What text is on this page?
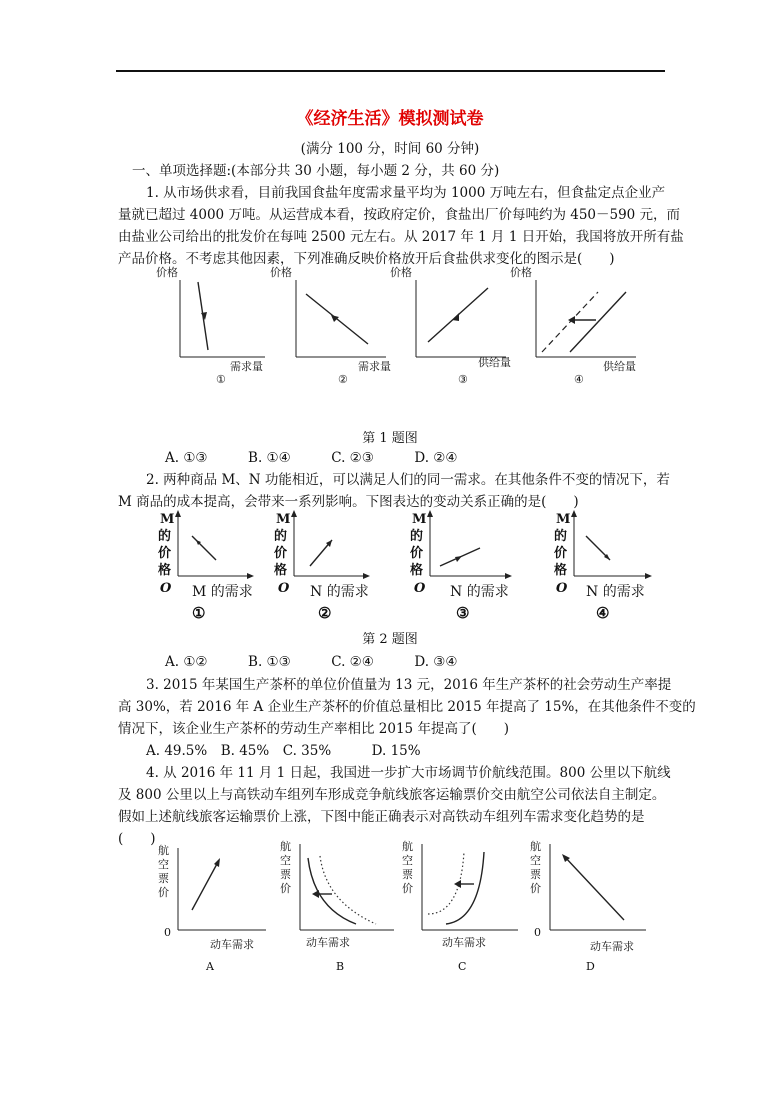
《经济生活》模拟测试卷
(满分 100 分，时间 60 分钟)
一、单项选择题:(本部分共 30 小题，每小题 2 分，共 60 分)
1. 从市场供求看，目前我国食盐年度需求量平均为 1000 万吨左右，但食盐定点企业产
量就已超过 4000 万吨。从运营成本看，按政府定价，食盐出厂价每吨约为 450－590 元，而
由盐业公司给出的批发价在每吨 2500 元左右。从 2017 年 1 月 1 日开始，我国将放开所有盐
产品价格。不考虑其他因素，下列准确反映价格放开后食盐供求变化的图示是(　　)
价格
需求量
①
价格
需求量
②
价格
供给量
③
价格
供给量
④
第 1 题图
A. ①③　　　B. ①④　　　C. ②③　　　D. ②④
2. 两种商品 M、N 功能相近，可以满足人们的同一需求。在其他条件不变的情况下，若
M 商品的成本提高，会带来一系列影响。下图表达的变动关系正确的是(　　)
M
的
价
格
O M 的需求
①
M
的
价
格
O N 的需求
②
M
的
价
格
O N 的需求
③
M
的
价
格
O N 的需求
④
第 2 题图
A. ①②　　　B. ①③　　　C. ②④　　　D. ③④
3. 2015 年某国生产茶杯的单位价值量为 13 元，2016 年生产茶杯的社会劳动生产率提
高 30%，若 2016 年 A 企业生产茶杯的价值总量相比 2015 年提高了 15%，在其他条件不变的
情况下，该企业生产茶杯的劳动生产率相比 2015 年提高了(　　)
A. 49.5%　B. 45%　C. 35%　　　D. 15%
4. 从 2016 年 11 月 1 日起，我国进一步扩大市场调节价航线范围。800 公里以下航线
及 800 公里以上与高铁动车组列车形成竞争航线旅客运输票价交由航空公司依法自主制定。
假如上述航线旅客运输票价上涨，下图中能正确表示对高铁动车组列车需求变化趋势的是
(　　)
航
空
票
价
0
动车需求
A
航
空
票
价
动车需求
B
航
空
票
价
动车需求
C
航
空
票
价
0
动车需求
D
